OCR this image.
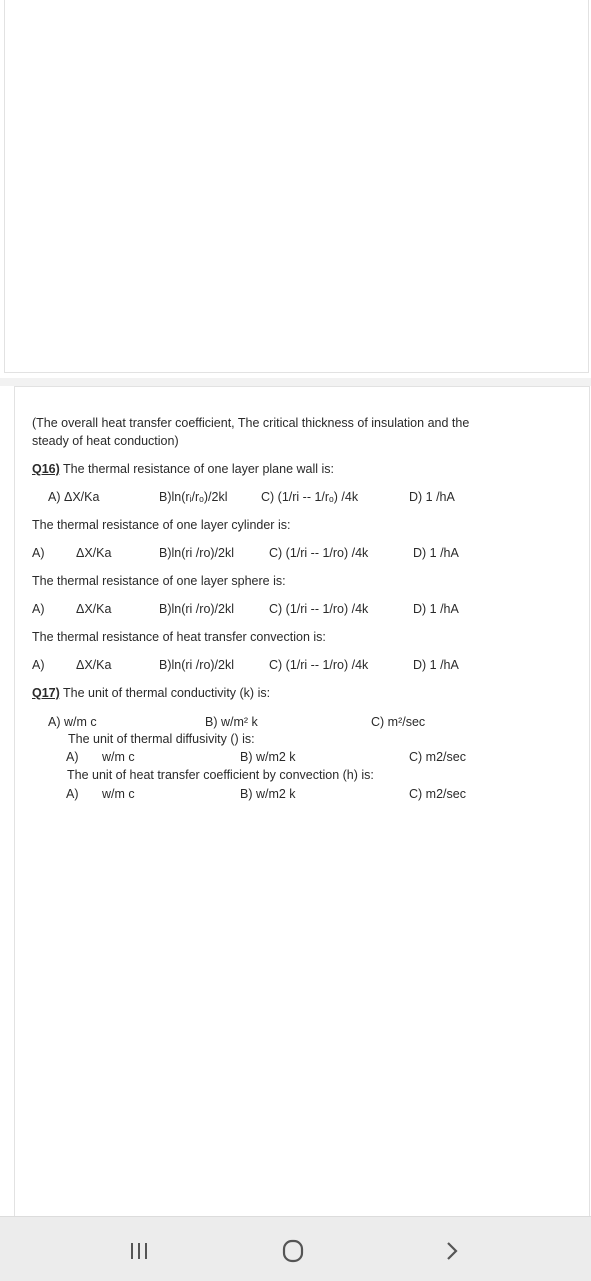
(The overall heat transfer coefficient, The critical thickness of insulation and the
steady of heat conduction)
Q16) The thermal resistance of one layer plane wall is:
A) ΔX/Ka	B)ln(rᵢ/rₒ)/2kl	C) (1/ri -- 1/rₒ) /4k	D) 1 /hA
The thermal resistance of one layer cylinder is:
A)	ΔX/Ka	B)ln(ri /ro)/2kl	C) (1/ri -- 1/ro) /4k	D) 1 /hA
The thermal resistance of one layer sphere is:
A)	ΔX/Ka	B)ln(ri /ro)/2kl	C) (1/ri -- 1/ro) /4k	D) 1 /hA
The thermal resistance of heat transfer convection is:
A)	ΔX/Ka	B)ln(ri /ro)/2kl	C) (1/ri -- 1/ro) /4k	D) 1 /hA
Q17) The unit of thermal conductivity (k) is:
A) w/m c	B) w/m² k	C) m²/sec
The unit of thermal diffusivity () is:
A) w/m c	B) w/m2 k	C) m2/sec
The unit of heat transfer coefficient by convection (h) is:
A) w/m c	B) w/m2 k	C) m2/sec
